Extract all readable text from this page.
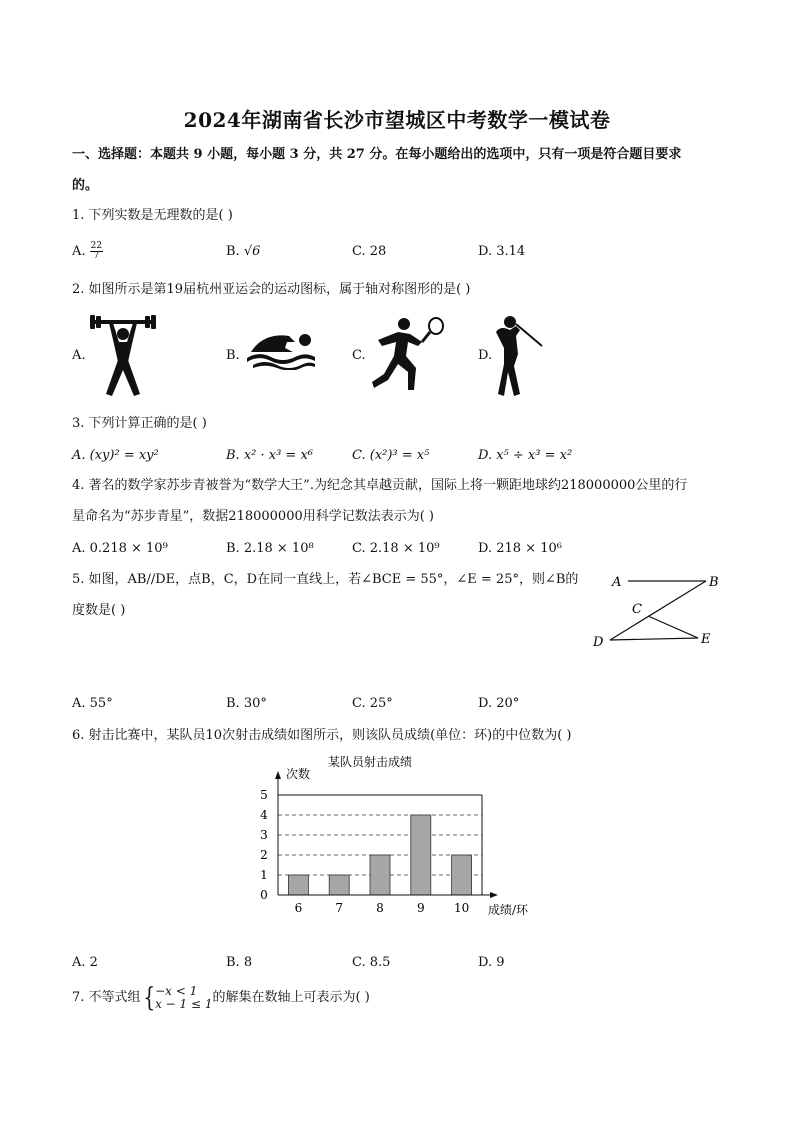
2024年湖南省长沙市望城区中考数学一模试卷
一、选择题：本题共 9 小题，每小题 3 分，共 27 分。在每小题给出的选项中，只有一项是符合题目要求
的。
1. 下列实数是无理数的是( )
A. $\frac{22}{7}$	B. √6	C. 28	D. 3.14
2. 如图所示是第19届杭州亚运会的运动图标，属于轴对称图形的是( )
A.	B.	C.	D.
3. 下列计算正确的是( )
A. (xy)² = xy²	B. x² · x³ = x⁶	C. (x²)³ = x⁵	D. x⁵ ÷ x³ = x²
4. 著名的数学家苏步青被誉为“数学大王”.为纪念其卓越贡献，国际上将一颗距地球约218000000公里的行
星命名为“苏步青星”，数据218000000用科学记数法表示为( )
A. 0.218 × 10⁹	B. 2.18 × 10⁸	C. 2.18 × 10⁹	D. 218 × 10⁶
5. 如图，AB//DE，点B，C，D在同一直线上，若∠BCE = 55°，∠E = 25°，则∠B的
度数是( )
A	B
C
D	E
A. 55°	B. 30°	C. 25°	D. 20°
6. 射击比赛中，某队员10次射击成绩如图所示，则该队员成绩(单位：环)的中位数为( )
某队员射击成绩
次数
成绩/环
0
1
2
3
4
5
6	7	8	9 10
A. 2	B. 8	C. 8.5	D. 9
7. 不等式组{ −x < 1
x − 1 ≤ 1 的解集在数轴上可表示为( )
